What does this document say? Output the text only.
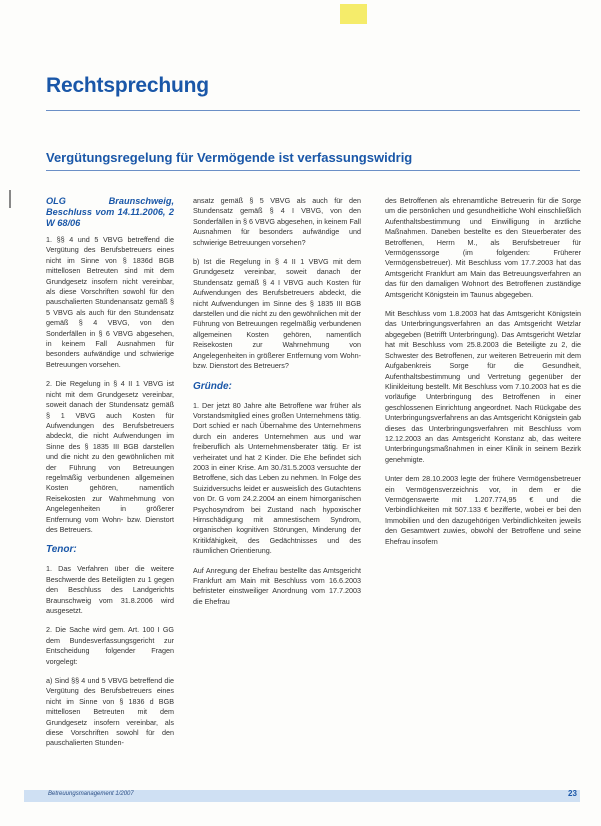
Rechtsprechung
Vergütungsregelung für Vermögende ist verfassungswidrig
OLG Braunschweig, Beschluss vom 14.11.2006, 2 W 68/06

1. §§ 4 und 5 VBVG betreffend die Vergütung des Berufsbetreuers eines nicht im Sinne von § 1836d BGB mittellosen Betreuten sind mit dem Grundgesetz insofern nicht vereinbar, als diese Vorschriften sowohl für den pauschalierten Stundenansatz gemäß § 5 VBVG als auch für den Stundensatz gemäß § 4 VBVG, von den Sonderfällen in § 6 VBVG abgesehen, in keinem Fall Ausnahmen für besonders aufwändige und schwierige Betreuungen vorsehen.

2. Die Regelung in § 4 II 1 VBVG ist nicht mit dem Grundgesetz vereinbar, soweit danach der Stundensatz gemäß § 1 VBVG auch Kosten für Aufwendungen des Berufsbetreuers abdeckt, die nicht Aufwendungen im Sinne des § 1835 III BGB darstellen und die nicht zu den gewöhnlichen mit der Führung von Betreuungen regelmäßig verbundenen allgemeinen Kosten gehören, namentlich Reisekosten zur Wahrnehmung von Angelegenheiten in größerer Entfernung vom Wohn- bzw. Dienstort des Betreuers.

Tenor:

1. Das Verfahren über die weitere Beschwerde des Beteiligten zu 1 gegen den Beschluss des Landgerichts Braunschweig vom 31.8.2006 wird ausgesetzt.

2. Die Sache wird gem. Art. 100 I GG dem Bundesverfassungsgericht zur Entscheidung folgender Fragen vorgelegt:

a) Sind §§ 4 und 5 VBVG betreffend die Vergütung des Berufsbetreuers eines nicht im Sinne von § 1836 d BGB mittellosen Betreuten mit dem Grundgesetz insofern vereinbar, als diese Vorschriften sowohl für den pauschalierten Stunden-

ansatz gemäß § 5 VBVG als auch für den Stundensatz gemäß § 4 I VBVG, von den Sonderfällen in § 6 VBVG abgesehen, in keinem Fall Ausnahmen für besonders aufwändige und schwierige Betreuungen vorsehen?

b) Ist die Regelung in § 4 II 1 VBVG mit dem Grundgesetz vereinbar, soweit danach der Stundensatz gemäß § 4 I VBVG auch Kosten für Aufwendungen des Berufsbetreuers abdeckt, die nicht Aufwendungen im Sinne des § 1835 III BGB darstellen und die nicht zu den gewöhnlichen mit der Führung von Betreuungen regelmäßig verbundenen allgemeinen Kosten gehören, namentlich Reisekosten zur Wahrnehmung von Angelegenheiten in größerer Entfernung vom Wohn- bzw. Dienstort des Betreuers?

Gründe:

1. Der jetzt 80 Jahre alte Betroffene war früher als Vorstandsmitglied eines großen Unternehmens tätig. Dort schied er nach Übernahme des Unternehmens durch ein anderes Unternehmen aus und war freiberuflich als Unternehmensberater tätig. Er ist verheiratet und hat 2 Kinder. Die Ehe befindet sich 2003 in einer Krise. Am 30./31.5.2003 versuchte der Betroffene, sich das Leben zu nehmen. In Folge des Suizidversuchs leidet er ausweislich des Gutachtens von Dr. G vom 24.2.2004 an einem hirnorganischen Psychosyndrom bei Zustand nach hypoxischer Hirnschädigung mit amnestischem Syndrom, organischen kognitiven Störungen, Minderung der Kritikfähigkeit, des Gedächtnisses und des räumlichen Orientierung.

Auf Anregung der Ehefrau bestellte das Amtsgericht Frankfurt am Main mit Beschluss vom 16.6.2003 befristeter einstweiliger Anordnung vom 17.7.2003 die Ehefrau

des Betroffenen als ehrenamtliche Betreuerin für die Sorge um die persönlichen und gesundheitliche Wohl einschließlich Aufenthaltsbestimmung und Einwilligung in ärztliche Maßnahmen. Daneben bestellte es den Steuerberater des Betroffenen, Herrn M., als Berufsbetreuer für Vermögenssorge (im folgenden: Früherer Vermögensbetreuer). Mit Beschluss vom 17.7.2003 hat das Amtsgericht Frankfurt am Main das Betreuungsverfahren an das für den damaligen Wohnort des Betroffenen zuständige Amtsgericht Königstein im Taunus abgegeben.

Mit Beschluss vom 1.8.2003 hat das Amtsgericht Königstein das Unterbringungsverfahren an das Amtsgericht Wetzlar abgegeben (Betrifft Unterbringung). Das Amtsgericht Wetzlar hat mit Beschluss vom 25.8.2003 die Beteiligte zu 2, die Schwester des Betroffenen, zur weiteren Betreuerin mit dem Aufgabenkreis Sorge für die Gesundheit, Aufenthaltsbestimmung und Vertretung gegenüber der Klinikleitung bestellt. Mit Beschluss vom 7.10.2003 hat es die vorläufige Unterbringung des Betroffenen in einer geschlossenen Einrichtung angeordnet. Nach Rückgabe des Unterbringungsverfahrens an das Amtsgericht Königstein gab dieses das Unterbringungsverfahren mit Beschluss vom 12.12.2003 an das Amtsgericht Konstanz ab, das weitere Unterbringungsmaßnahmen in einer Klinik in seinem Bezirk genehmigte.

Unter dem 28.10.2003 legte der frühere Vermögensbetreuer ein Vermögensverzeichnis vor, in dem er die Vermögenswerte mit 1.207.774,95 € und die Verbindlichkeiten mit 507.133 € bezifferte, wobei er bei den Immobilien und den dazugehörigen Verbindlichkeiten jeweils den Gesamtwert zuwies, obwohl der Betroffene und seine Ehefrau insofern

Betreuungsmanagement 1/2007	23
